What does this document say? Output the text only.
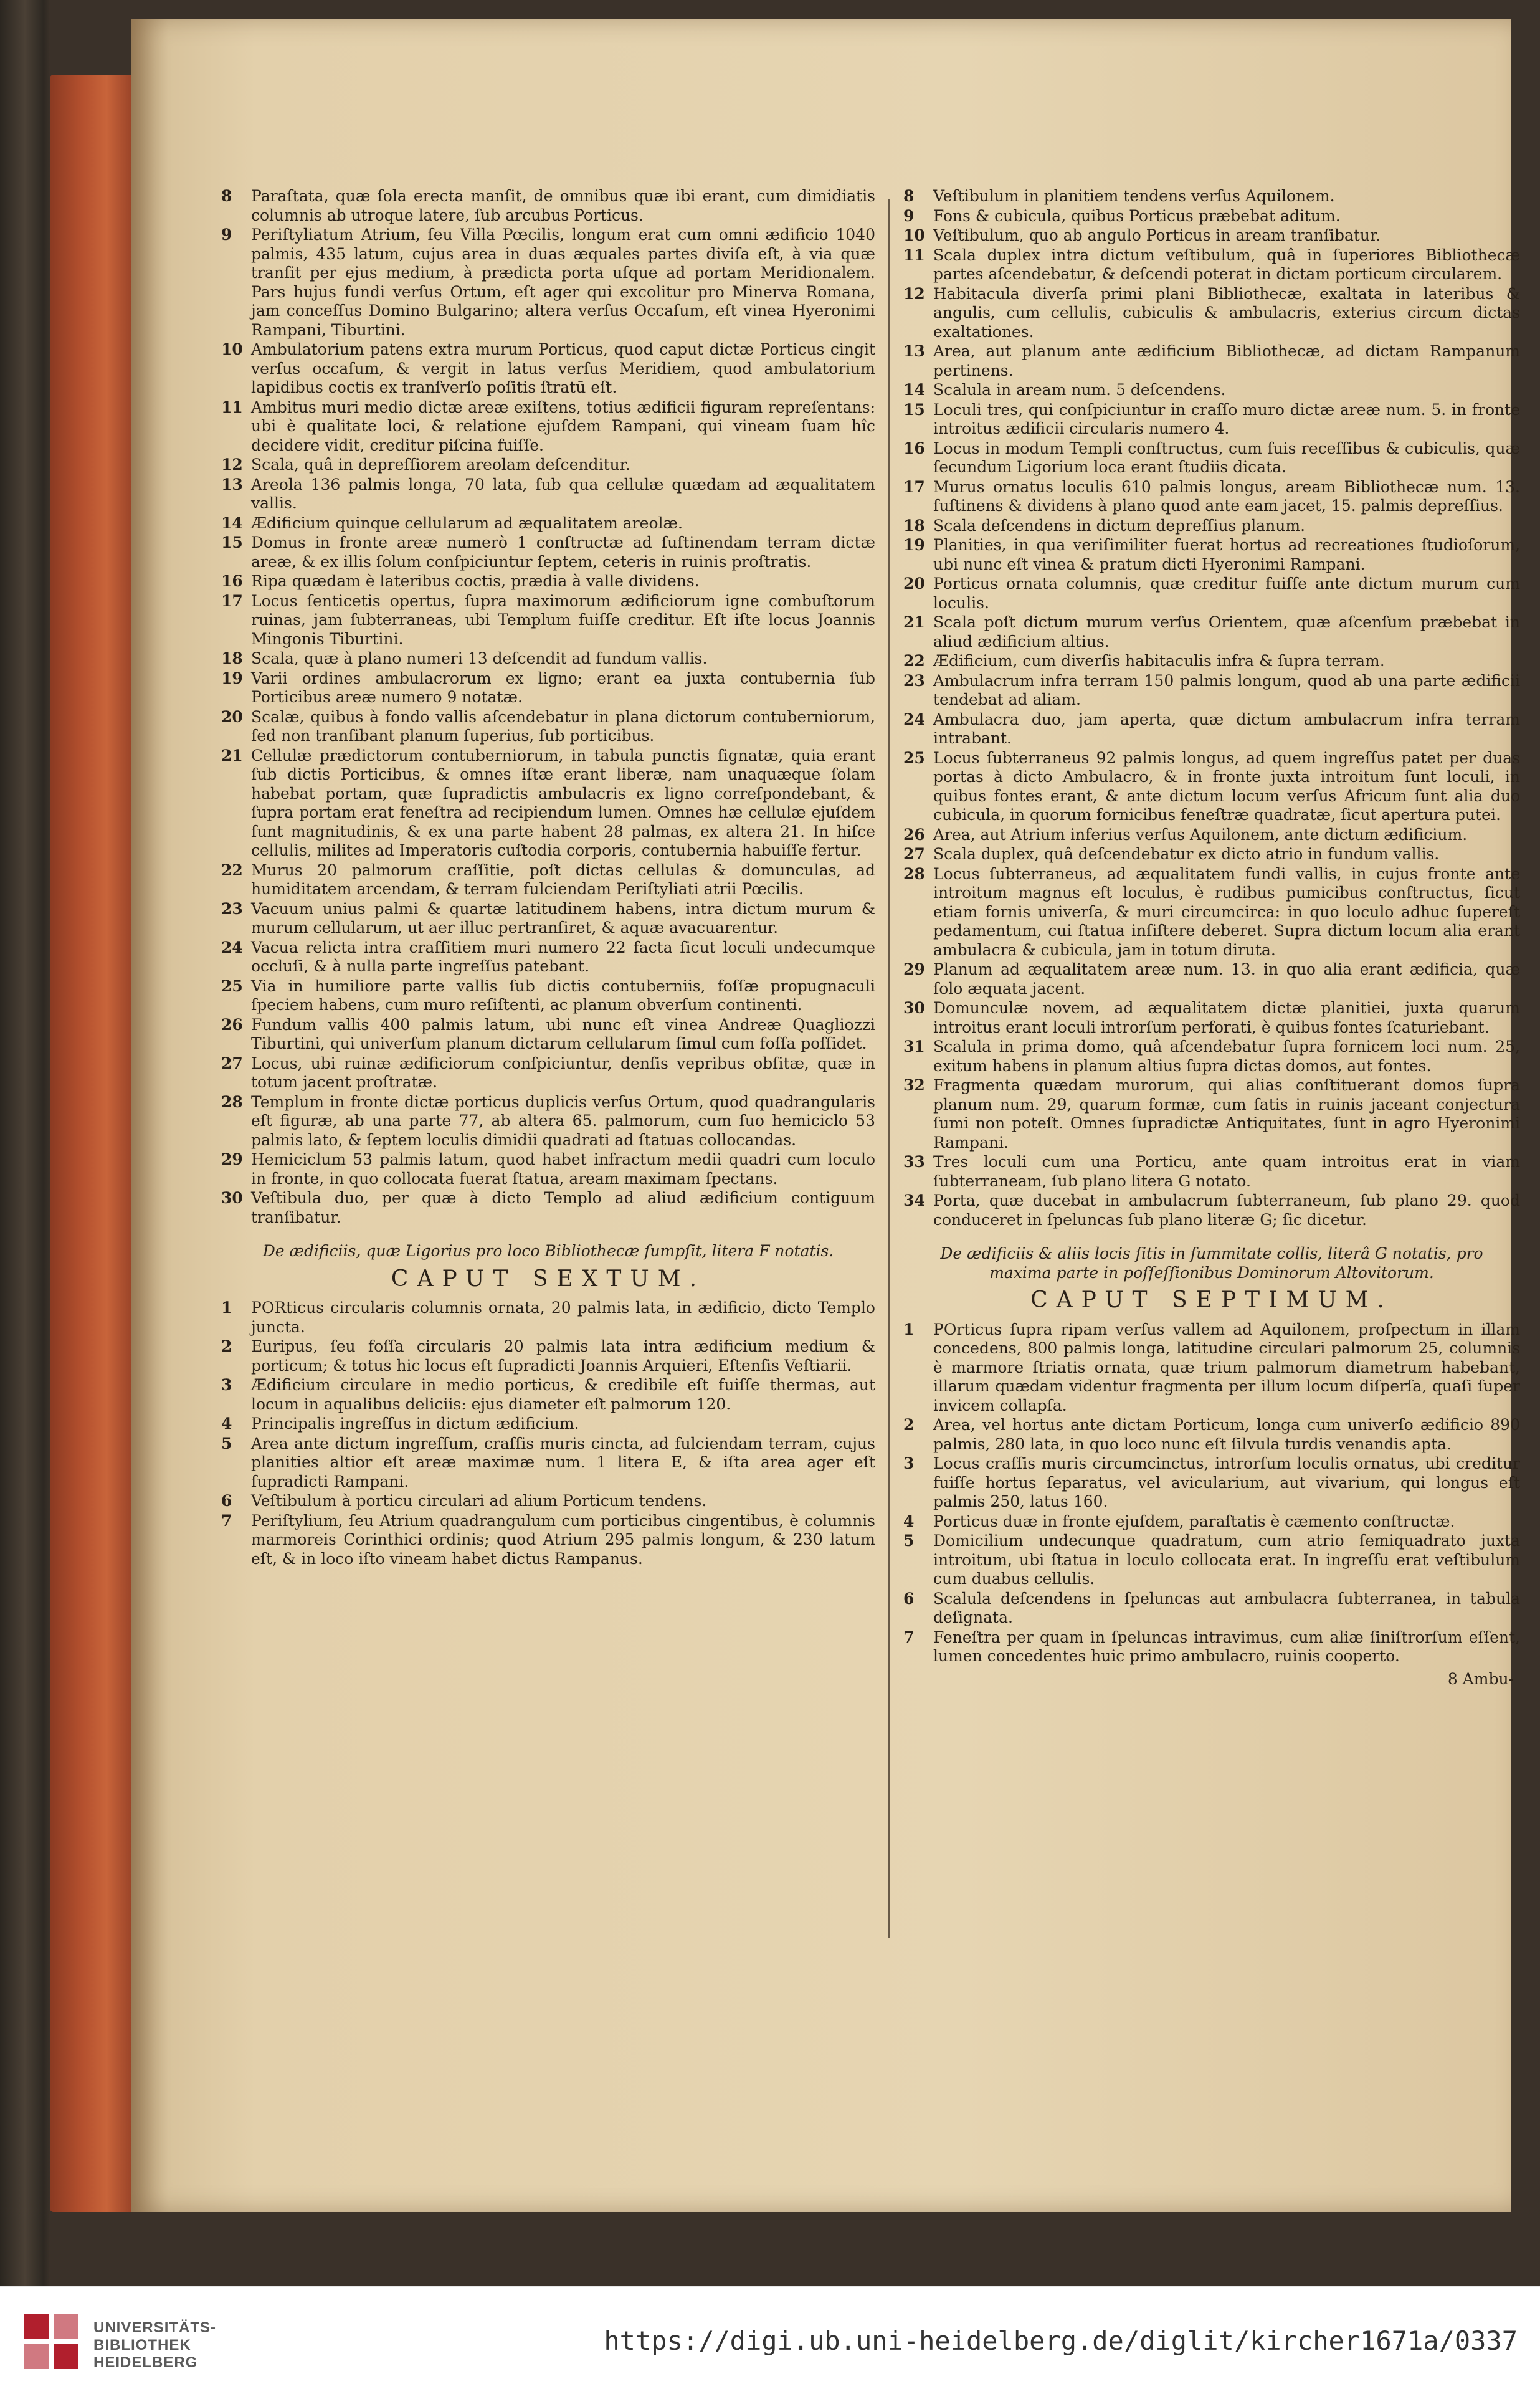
8	Paraſtata, quæ ſola erecta manſit, de omnibus quæ ibi erant, cum dimidiatis columnis ab utroque latere, ſub arcubus Porticus.
9	Periſtyliatum Atrium, ſeu Villa Pœcilis, longum erat cum omni ædificio 1040 palmis, 435 latum, cujus area in duas æquales partes diviſa eſt, à via quæ tranſit per ejus medium, à prædicta porta uſque ad portam Meridionalem. Pars hujus fundi verſus Ortum, eſt ager qui excolitur pro Minerva Romana, jam conceſſus Domino Bulgarino; altera verſus Occaſum, eſt vinea Hyeronimi Rampani, Tiburtini.
10 Ambulatorium patens extra murum Porticus, quod caput dictæ Porticus cingit verſus occaſum, & vergit in latus verſus Meridiem, quod ambulatorium lapidibus coctis ex tranſverſo poſitis ſtratū eſt.
11 Ambitus muri medio dictæ areæ exiſtens, totius ædificii figuram repreſentans: ubi è qualitate loci, & relatione ejuſdem Rampani, qui vineam ſuam hîc decidere vidit, creditur piſcina fuiſſe.
12 Scala, quâ in depreſſiorem areolam deſcenditur.
13 Areola 136 palmis longa, 70 lata, ſub qua cellulæ quædam ad æqualitatem vallis.
14 Ædificium quinque cellularum ad æqualitatem areolæ.
15 Domus in fronte areæ numerò 1 conſtructæ ad ſuſtinendam terram dictæ areæ, & ex illis ſolum conſpiciuntur ſeptem, ceteris in ruinis proſtratis.
16 Ripa quædam è lateribus coctis, prædia à valle dividens.
17 Locus ſenticetis opertus, ſupra maximorum ædificiorum igne combuſtorum ruinas, jam ſubterraneas, ubi Templum fuiſſe creditur. Eſt iſte locus Joannis Mingonis Tiburtini.
18 Scala, quæ à plano numeri 13 deſcendit ad fundum vallis.
19 Varii ordines ambulacrorum ex ligno; erant ea juxta contubernia ſub Porticibus areæ numero 9 notatæ.
20 Scalæ, quibus à fondo vallis aſcendebatur in plana dictorum contuberniorum, ſed non tranſibant planum ſuperius, ſub porticibus.
21 Cellulæ prædictorum contuberniorum, in tabula punctis ſignatæ, quia erant ſub dictis Porticibus, & omnes iſtæ erant liberæ, nam unaquæque ſolam habebat portam, quæ ſupradictis ambulacris ex ligno correſpondebant, & ſupra portam erat feneſtra ad recipiendum lumen. Omnes hæ cellulæ ejuſdem ſunt magnitudinis, & ex una parte habent 28 palmas, ex altera 21. In hiſce cellulis, milites ad Imperatoris cuſtodia corporis, contubernia habuiſſe fertur.
22 Murus 20 palmorum craſſitie, poſt dictas cellulas & domunculas, ad humiditatem arcendam, & terram fulciendam Periſtyliati atrii Pœcilis.
23 Vacuum unius palmi & quartæ latitudinem habens, intra dictum murum & murum cellularum, ut aer illuc pertranſiret, & aquæ avacuarentur.
24 Vacua relicta intra craſſitiem muri numero 22 facta ſicut loculi undecumque occluſi, & à nulla parte ingreſſus patebant.
25 Via in humiliore parte vallis ſub dictis contuberniis, foſſæ propugnaculi ſpeciem habens, cum muro reſiſtenti, ac planum obverſum continenti.
26 Fundum vallis 400 palmis latum, ubi nunc eſt vinea Andreæ Quagliozzi Tiburtini, qui univerſum planum dictarum cellularum ſimul cum foſſa poſſidet.
27 Locus, ubi ruinæ ædificiorum conſpiciuntur, denſis vepribus obſitæ, quæ in totum jacent proſtratæ.
28 Templum in fronte dictæ porticus duplicis verſus Ortum, quod quadrangularis eſt figuræ, ab una parte 77, ab altera 65. palmorum, cum ſuo hemiciclo 53 palmis lato, & ſeptem loculis dimidii quadrati ad ſtatuas collocandas.
29 Hemiciclum 53 palmis latum, quod habet infractum medii quadri cum loculo in fronte, in quo collocata fuerat ſtatua, aream maximam ſpectans.
30 Veſtibula duo, per quæ à dicto Templo ad aliud ædificium contiguum tranſibatur.
De ædificiis, quæ Ligorius pro loco Bibliothecæ ſumpſit, litera F notatis.
CAPUT SEXTUM.
1	PORticus circularis columnis ornata, 20 palmis lata, in ædificio, dicto Templo juncta.
2	Euripus, ſeu foſſa circularis 20 palmis lata intra ædificium medium & porticum; & totus hic locus eſt ſupradicti Joannis Arquieri, Eſtenſis Veſtiarii.
3	Ædificium circulare in medio porticus, & credibile eſt fuiſſe thermas, aut locum in aqualibus deliciis: ejus diameter eſt palmorum 120.
4	Principalis ingreſſus in dictum ædificium.
5	Area ante dictum ingreſſum, craſſis muris cincta, ad fulciendam terram, cujus planities altior eſt areæ maximæ num. 1 litera E, & iſta area ager eſt ſupradicti Rampani.
6	Veſtibulum à porticu circulari ad alium Porticum tendens.
7	Periſtylium, ſeu Atrium quadrangulum cum porticibus cingentibus, è columnis marmoreis Corinthici ordinis; quod Atrium 295 palmis longum, & 230 latum eſt, & in loco iſto vineam habet dictus Rampanus.
8	Veſtibulum in planitiem tendens verſus Aquilonem.
9	Fons & cubicula, quibus Porticus præbebat aditum.
10 Veſtibulum, quo ab angulo Porticus in aream tranſibatur.
11 Scala duplex intra dictum veſtibulum, quâ in ſuperiores Bibliothecæ partes aſcendebatur, & deſcendi poterat in dictam porticum circularem.
12 Habitacula diverſa primi plani Bibliothecæ, exaltata in lateribus & angulis, cum cellulis, cubiculis & ambulacris, exterius circum dictas exaltationes.
13 Area, aut planum ante ædificium Bibliothecæ, ad dictam Rampanum pertinens.
14 Scalula in aream num. 5 deſcendens.
15 Loculi tres, qui conſpiciuntur in craſſo muro dictæ areæ num. 5. in fronte introitus ædificii circularis numero 4.
16 Locus in modum Templi conſtructus, cum ſuis receſſibus & cubiculis, quæ ſecundum Ligorium loca erant ſtudiis dicata.
17 Murus ornatus loculis 610 palmis longus, aream Bibliothecæ num. 13. ſuſtinens & dividens à plano quod ante eam jacet, 15. palmis depreſſius.
18 Scala deſcendens in dictum depreſſius planum.
19 Planities, in qua veriſimiliter fuerat hortus ad recreationes ſtudioſorum, ubi nunc eſt vinea & pratum dicti Hyeronimi Rampani.
20 Porticus ornata columnis, quæ creditur fuiſſe ante dictum murum cum loculis.
21 Scala poſt dictum murum verſus Orientem, quæ aſcenſum præbebat in aliud ædificium altius.
22 Ædificium, cum diverſis habitaculis infra & ſupra terram.
23 Ambulacrum infra terram 150 palmis longum, quod ab una parte ædificii tendebat ad aliam.
24 Ambulacra duo, jam aperta, quæ dictum ambulacrum infra terram intrabant.
25 Locus ſubterraneus 92 palmis longus, ad quem ingreſſus patet per duas portas à dicto Ambulacro, & in fronte juxta introitum ſunt loculi, in quibus fontes erant, & ante dictum locum verſus Africum ſunt alia duo cubicula, in quorum fornicibus feneſtræ quadratæ, ſicut apertura putei.
26 Area, aut Atrium inferius verſus Aquilonem, ante dictum ædificium.
27 Scala duplex, quâ deſcendebatur ex dicto atrio in fundum vallis.
28 Locus ſubterraneus, ad æqualitatem fundi vallis, in cujus fronte ante introitum magnus eſt loculus, è rudibus pumicibus conſtructus, ſicut etiam fornis univerſa, & muri circumcirca: in quo loculo adhuc ſupereſt pedamentum, cui ſtatua inſiſtere deberet. Supra dictum locum alia erant ambulacra & cubicula, jam in totum diruta.
29 Planum ad æqualitatem areæ num. 13. in quo alia erant ædificia, quæ ſolo æquata jacent.
30 Domunculæ novem, ad æqualitatem dictæ planitiei, juxta quarum introitus erant loculi introrſum perforati, è quibus fontes ſcaturiebant.
31 Scalula in prima domo, quâ aſcendebatur ſupra fornicem loci num. 25, exitum habens in planum altius ſupra dictas domos, aut fontes.
32 Fragmenta quædam murorum, qui alias conſtituerant domos ſupra planum num. 29, quarum formæ, cum ſatis in ruinis jaceant conjectura ſumi non poteſt. Omnes ſupradictæ Antiquitates, ſunt in agro Hyeronimi Rampani.
33 Tres loculi cum una Porticu, ante quam introitus erat in viam ſubterraneam, ſub plano litera G notato.
34 Porta, quæ ducebat in ambulacrum ſubterraneum, ſub plano 29. quod conduceret in ſpeluncas ſub plano literæ G; ſic dicetur.
De ædificiis & aliis locis ſitis in ſummitate collis, literâ G notatis, pro maxima parte in poſſeſſionibus Dominorum Altovitorum.
CAPUT SEPTIMUM.
1	POrticus ſupra ripam verſus vallem ad Aquilonem, proſpectum in illam concedens, 800 palmis longa, latitudine circulari palmorum 25, columnis è marmore ſtriatis ornata, quæ trium palmorum diametrum habebant, illarum quædam videntur fragmenta per illum locum diſperſa, quaſi ſuper invicem collapſa.
2	Area, vel hortus ante dictam Porticum, longa cum univerſo ædificio 890 palmis, 280 lata, in quo loco nunc eſt ſilvula turdis venandis apta.
3	Locus craſſis muris circumcinctus, introrſum loculis ornatus, ubi creditur fuiſſe hortus ſeparatus, vel avicularium, aut vivarium, qui longus eſt palmis 250, latus 160.
4	Porticus duæ in fronte ejuſdem, paraſtatis è cæmento conſtructæ.
5	Domicilium undecunque quadratum, cum atrio ſemiquadrato juxta introitum, ubi ſtatua in loculo collocata erat. In ingreſſu erat veſtibulum cum duabus cellulis.
6	Scalula deſcendens in ſpeluncas aut ambulacra ſubterranea, in tabula deſignata.
7	Feneſtra per quam in ſpeluncas intravimus, cum aliæ ſiniſtrorſum eſſent, lumen concedentes huic primo ambulacro, ruinis cooperto.
8 Ambu-
UNIVERSITÄTS-
BIBLIOTHEK
HEIDELBERG
https://digi.ub.uni-heidelberg.de/diglit/kircher1671a/0337
